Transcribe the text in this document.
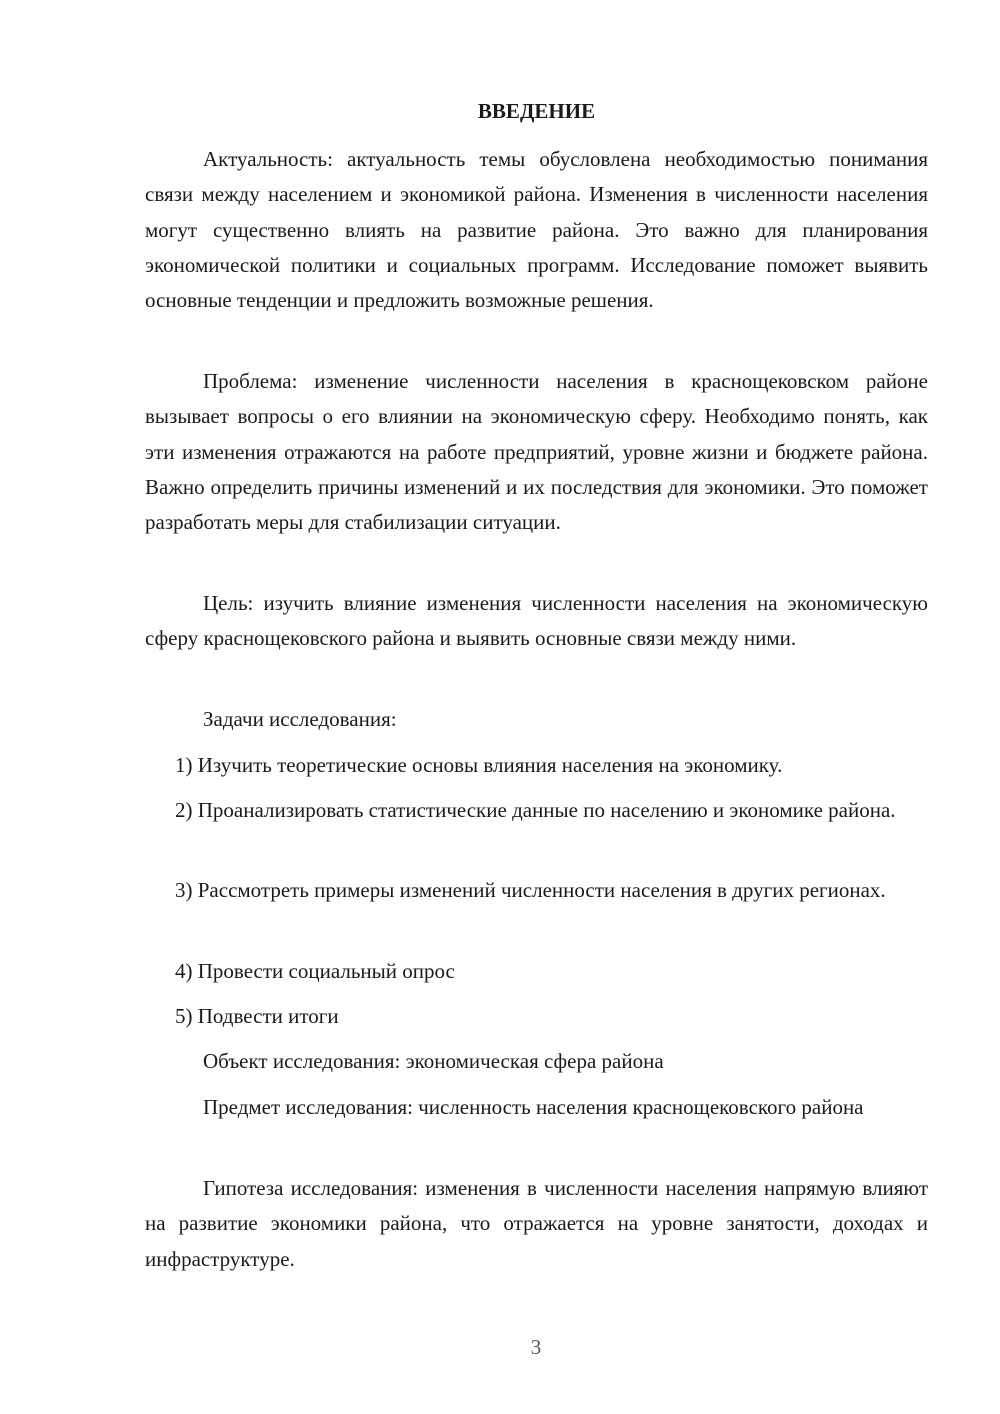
ВВЕДЕНИЕ

Актуальность: актуальность темы обусловлена необходимостью понимания связи между населением и экономикой района. Изменения в численности населения могут существенно влиять на развитие района. Это важно для планирования экономической политики и социальных программ. Исследование поможет выявить основные тенденции и предложить возможные решения.

Проблема: изменение численности населения в краснощековском районе вызывает вопросы о его влиянии на экономическую сферу. Необходимо понять, как эти изменения отражаются на работе предприятий, уровне жизни и бюджете района. Важно определить причины изменений и их последствия для экономики. Это поможет разработать меры для стабилизации ситуации.

Цель: изучить влияние изменения численности населения на экономическую сферу краснощековского района и выявить основные связи между ними.

Задачи исследования:

1) Изучить теоретические основы влияния населения на экономику.

2) Проанализировать статистические данные по населению и экономике района.

3) Рассмотреть примеры изменений численности населения в других регионах.

4) Провести социальный опрос

5) Подвести итоги

Объект исследования: экономическая сфера района

Предмет исследования: численность населения краснощековского района

Гипотеза исследования: изменения в численности населения напрямую влияют на развитие экономики района, что отражается на уровне занятости, доходах и инфраструктуре.

3
